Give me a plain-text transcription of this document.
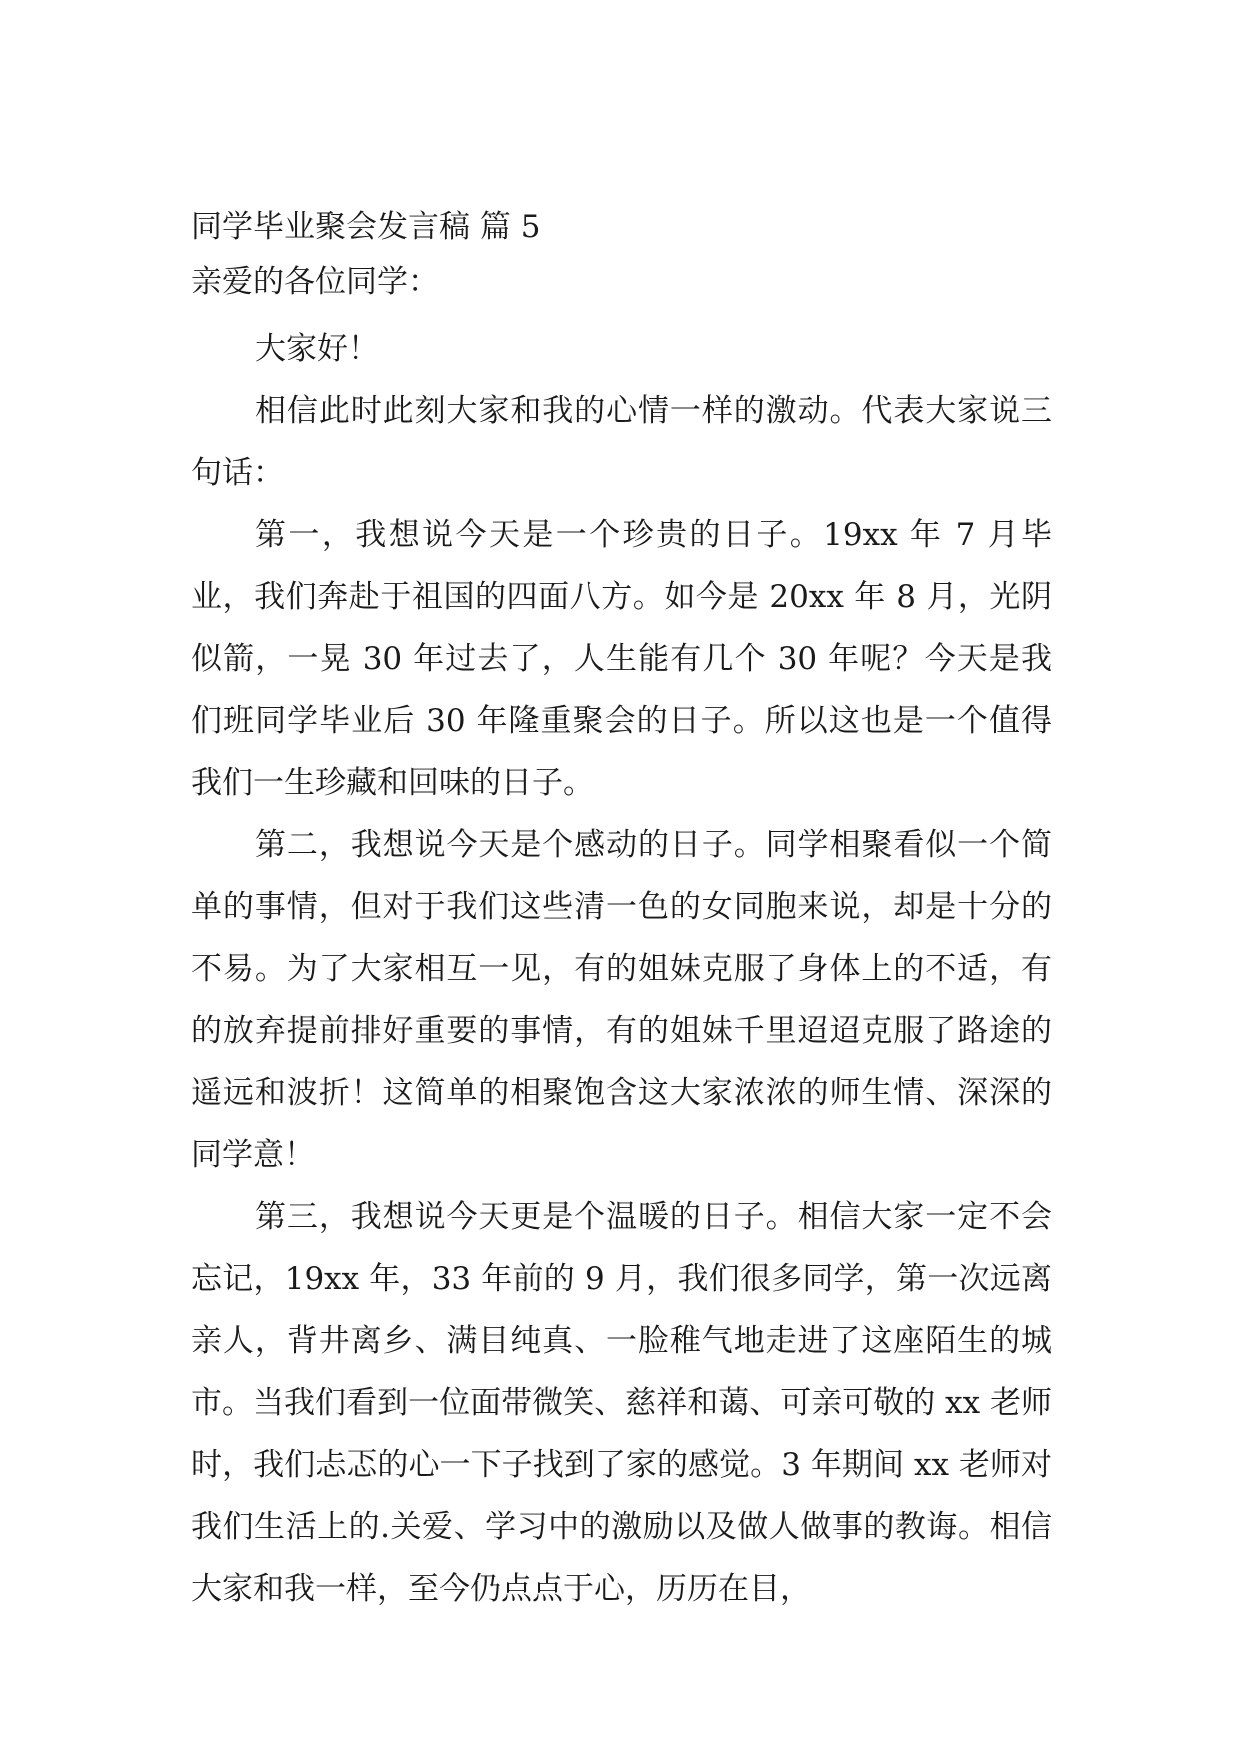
同学毕业聚会发言稿 篇 5
亲爱的各位同学：

大家好！

相信此时此刻大家和我的心情一样的激动。代表大家说三句话：

第一，我想说今天是一个珍贵的日子。19xx 年 7 月毕业，我们奔赴于祖国的四面八方。如今是 20xx 年 8 月，光阴似箭，一晃 30 年过去了，人生能有几个 30 年呢？今天是我们班同学毕业后 30 年隆重聚会的日子。所以这也是一个值得我们一生珍藏和回味的日子。

第二，我想说今天是个感动的日子。同学相聚看似一个简单的事情，但对于我们这些清一色的女同胞来说，却是十分的不易。为了大家相互一见，有的姐妹克服了身体上的不适，有的放弃提前排好重要的事情，有的姐妹千里迢迢克服了路途的遥远和波折！这简单的相聚饱含这大家浓浓的师生情、深深的同学意！

第三，我想说今天更是个温暖的日子。相信大家一定不会忘记，19xx 年，33 年前的 9 月，我们很多同学，第一次远离亲人，背井离乡、满目纯真、一脸稚气地走进了这座陌生的城市。当我们看到一位面带微笑、慈祥和蔼、可亲可敬的 xx 老师时，我们忐忑的心一下子找到了家的感觉。3 年期间 xx 老师对我们生活上的.关爱、学习中的激励以及做人做事的教诲。相信大家和我一样，至今仍点点于心，历历在目，
